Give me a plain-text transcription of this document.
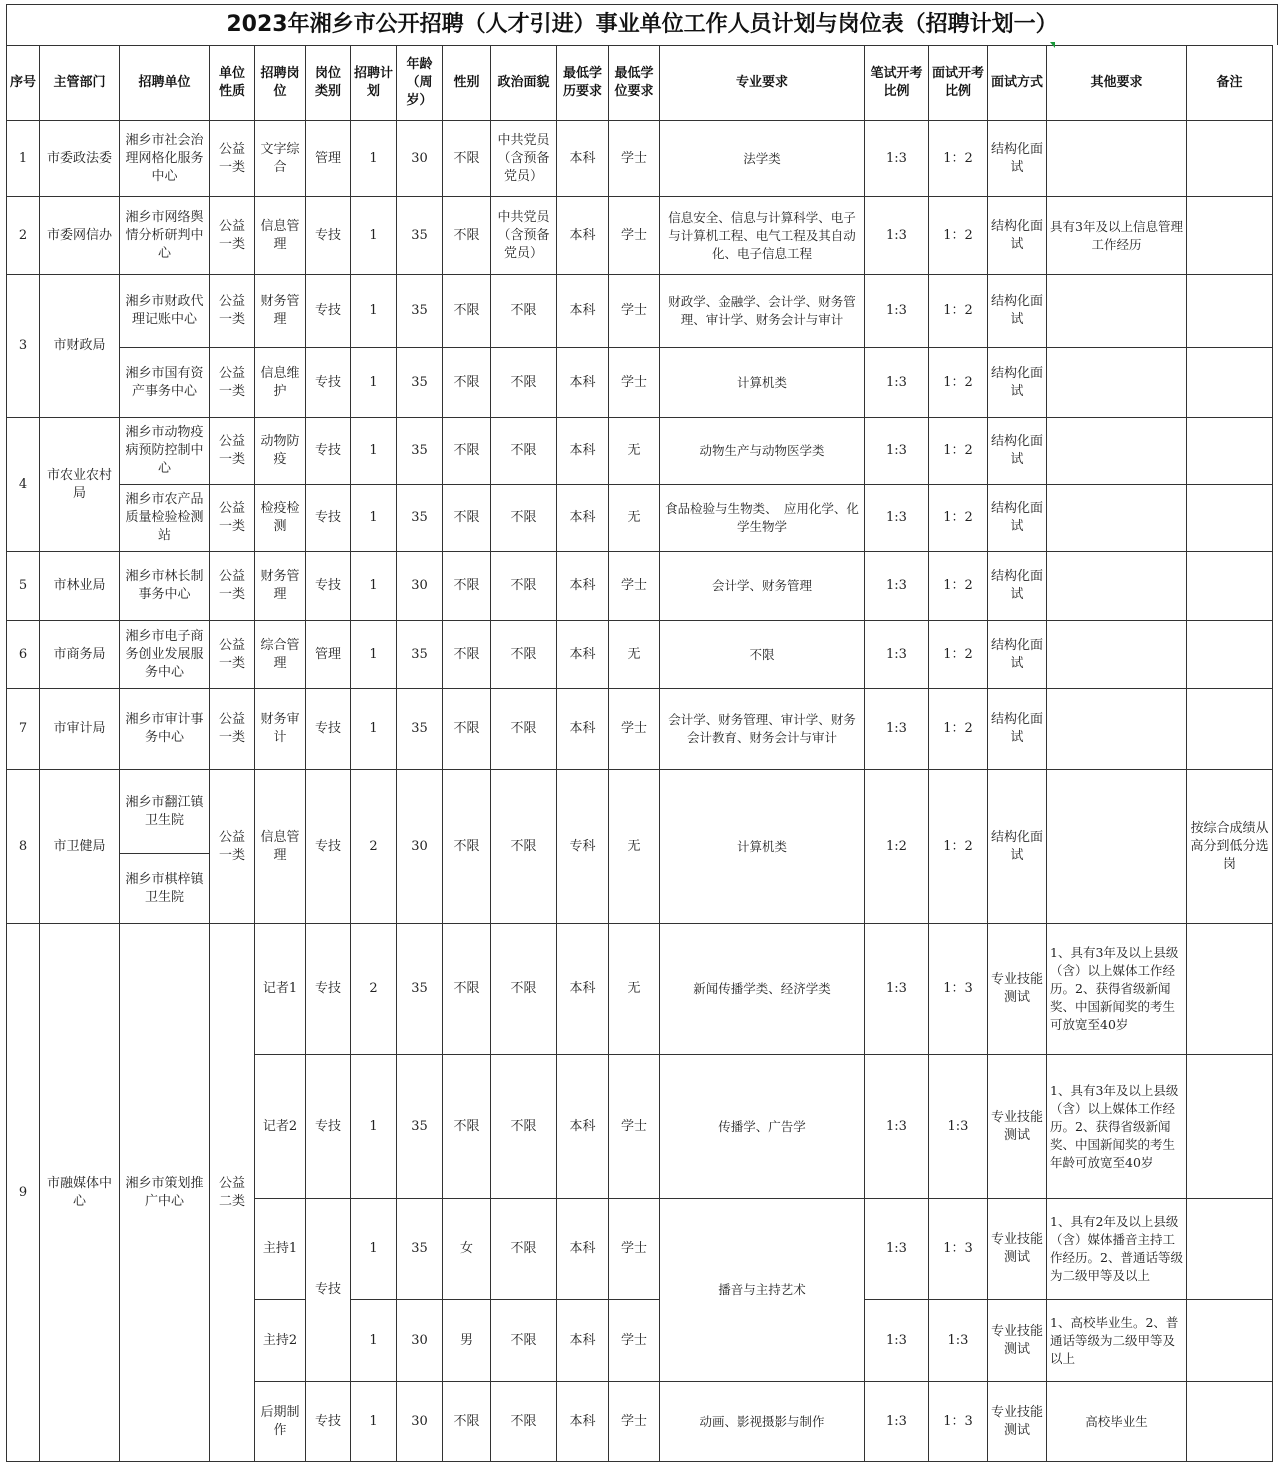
2023年湘乡市公开招聘（人才引进）事业单位工作人员计划与岗位表（招聘计划一）
序号	主管部门	招聘单位	单位性质	招聘岗位	岗位类别	招聘计划	年龄（周岁）	性别	政治面貌	最低学历要求	最低学位要求	专业要求	笔试开考比例	面试开考比例	面试方式	其他要求	备注
1	市委政法委	湘乡市社会治理网格化服务中心	公益一类	文字综合	管理	1	30	不限	中共党员（含预备党员）	本科	学士	法学类	1:3	1：2	结构化面试		
2	市委网信办	湘乡市网络舆情分析研判中心	公益一类	信息管理	专技	1	35	不限	中共党员（含预备党员）	本科	学士	信息安全、信息与计算科学、电子与计算机工程、电气工程及其自动化、电子信息工程	1:3	1：2	结构化面试	具有3年及以上信息管理工作经历	
3	市财政局	湘乡市财政代理记账中心	公益一类	财务管理	专技	1	35	不限	不限	本科	学士	财政学、金融学、会计学、财务管理、审计学、财务会计与审计	1:3	1：2	结构化面试		
		湘乡市国有资产事务中心	公益一类	信息维护	专技	1	35	不限	不限	本科	学士	计算机类	1:3	1：2	结构化面试		
4	市农业农村局	湘乡市动物疫病预防控制中心	公益一类	动物防疫	专技	1	35	不限	不限	本科	无	动物生产与动物医学类	1:3	1：2	结构化面试		
		湘乡市农产品质量检验检测站	公益一类	检疫检测	专技	1	35	不限	不限	本科	无	食品检验与生物类、　应用化学、化学生物学	1:3	1：2	结构化面试		
5	市林业局	湘乡市林长制事务中心	公益一类	财务管理	专技	1	30	不限	不限	本科	学士	会计学、财务管理	1:3	1：2	结构化面试		
6	市商务局	湘乡市电子商务创业发展服务中心	公益一类	综合管理	管理	1	35	不限	不限	本科	无	不限	1:3	1：2	结构化面试		
7	市审计局	湘乡市审计事务中心	公益一类	财务审计	专技	1	35	不限	不限	本科	学士	会计学、财务管理、审计学、财务会计教育、财务会计与审计	1:3	1：2	结构化面试		
8	市卫健局	湘乡市翻江镇卫生院	公益一类	信息管理	专技	2	30	不限	不限	专科	无	计算机类	1:2	1：2	结构化面试		按综合成绩从高分到低分选岗
		湘乡市棋梓镇卫生院															
9	市融媒体中心	湘乡市策划推广中心	公益二类	记者1	专技	2	35	不限	不限	本科	无	新闻传播学类、经济学类	1:3	1：3	专业技能测试	1、具有3年及以上县级（含）以上媒体工作经历。2、获得省级新闻奖、中国新闻奖的考生可放宽至40岁	
				记者2	专技	1	35	不限	不限	本科	学士	传播学、广告学	1:3	1:3	专业技能测试	1、具有3年及以上县级（含）以上媒体工作经历。2、获得省级新闻奖、中国新闻奖的考生年龄可放宽至40岁	
				主持1	专技	1	35	女	不限	本科	学士	播音与主持艺术	1:3	1：3	专业技能测试	1、具有2年及以上县级（含）媒体播音主持工作经历。2、普通话等级为二级甲等及以上	
				主持2		1	30	男	不限	本科	学士		1:3	1:3	专业技能测试	1、高校毕业生。2、普通话等级为二级甲等及以上	
				后期制作	专技	1	30	不限	不限	本科	学士	动画、影视摄影与制作	1:3	1：3	专业技能测试	高校毕业生	
